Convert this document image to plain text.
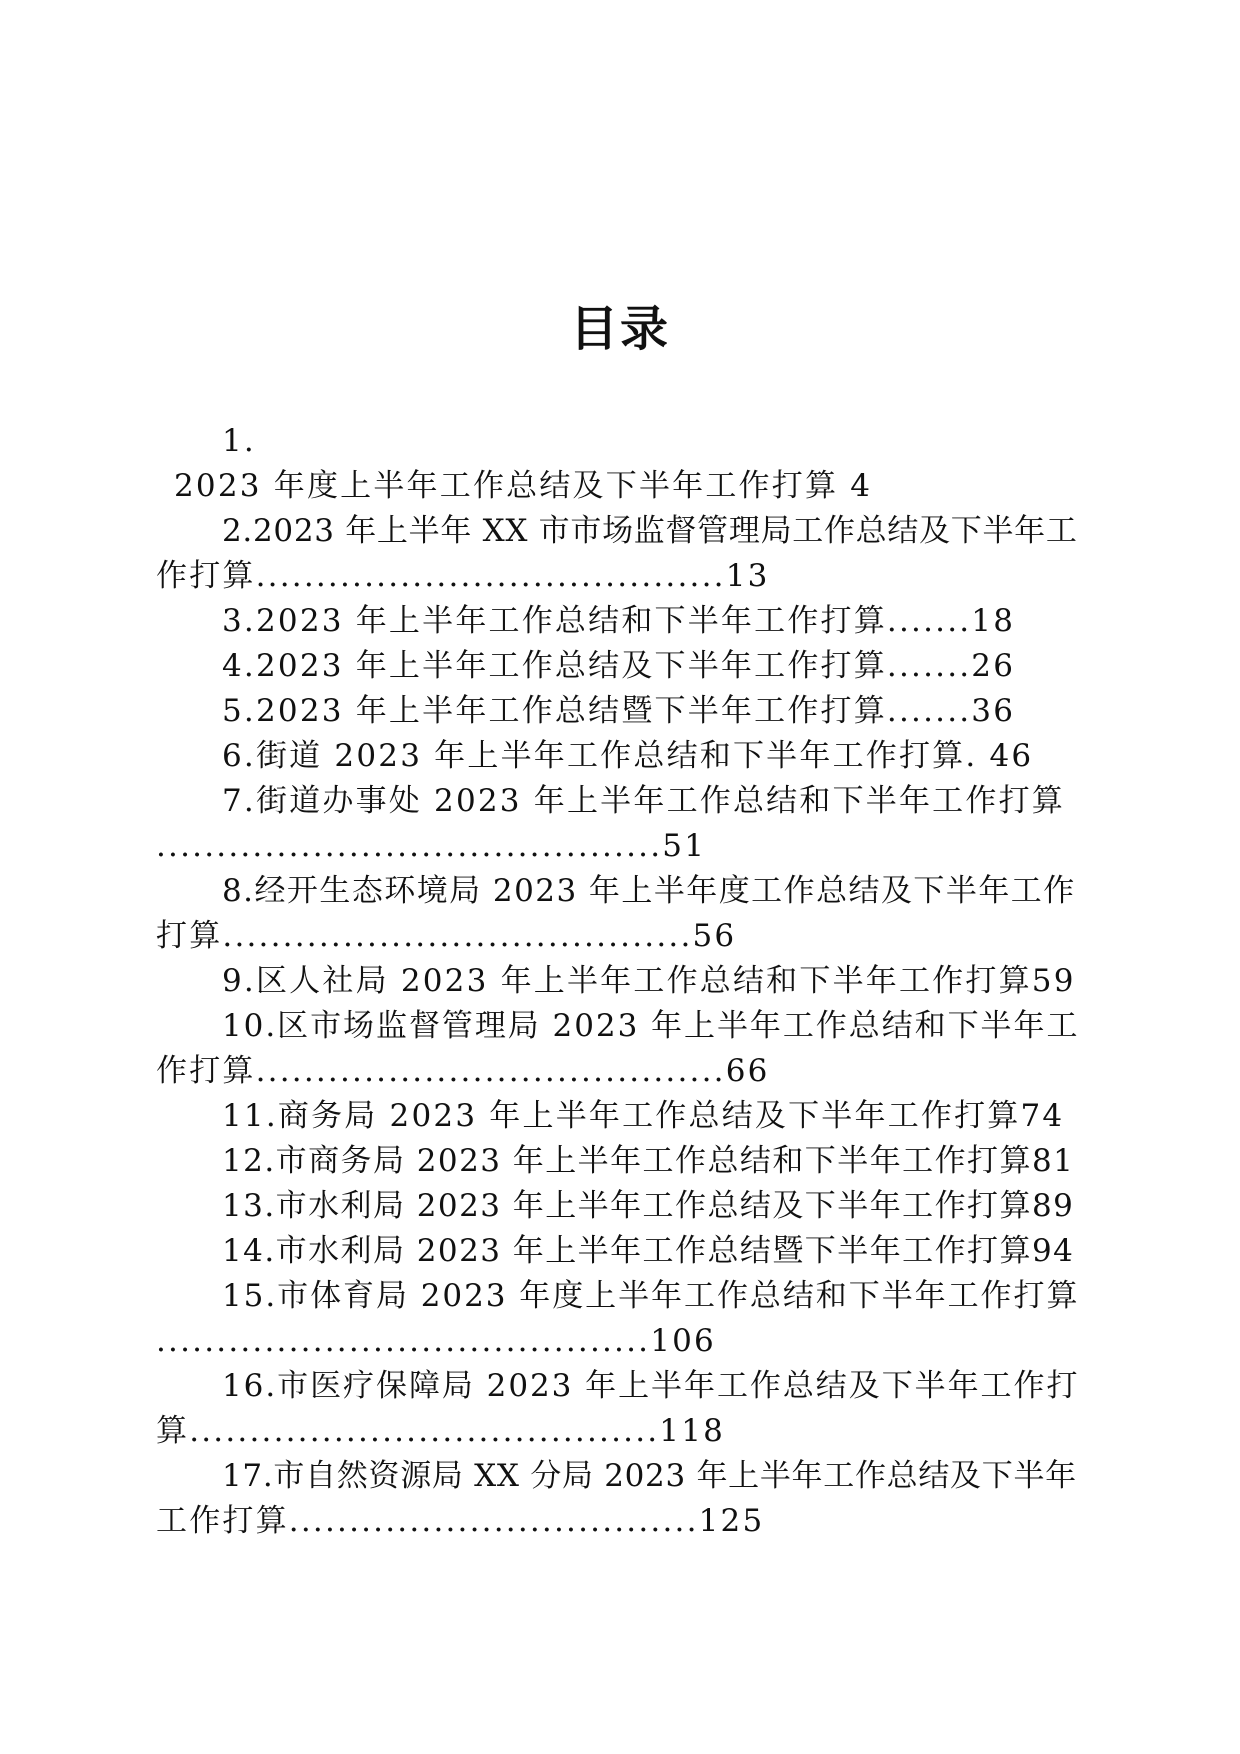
目录
1.
2023 年度上半年工作总结及下半年工作打算 4
2.2023 年上半年 XX 市市场监督管理局工作总结及下半年工
作打算.......................................13
3.2023 年上半年工作总结和下半年工作打算.......18
4.2023 年上半年工作总结及下半年工作打算.......26
5.2023 年上半年工作总结暨下半年工作打算.......36
6.街道 2023 年上半年工作总结和下半年工作打算. 46
7.街道办事处 2023 年上半年工作总结和下半年工作打算
..........................................51
8.经开生态环境局 2023 年上半年度工作总结及下半年工作
打算.......................................56
9.区人社局 2023 年上半年工作总结和下半年工作打算59
10.区市场监督管理局 2023 年上半年工作总结和下半年工
作打算.......................................66
11.商务局 2023 年上半年工作总结及下半年工作打算74
12.市商务局 2023 年上半年工作总结和下半年工作打算81
13.市水利局 2023 年上半年工作总结及下半年工作打算89
14.市水利局 2023 年上半年工作总结暨下半年工作打算94
15.市体育局 2023 年度上半年工作总结和下半年工作打算
.........................................106
16.市医疗保障局 2023 年上半年工作总结及下半年工作打
算.......................................118
17.市自然资源局 XX 分局 2023 年上半年工作总结及下半年
工作打算..................................125
